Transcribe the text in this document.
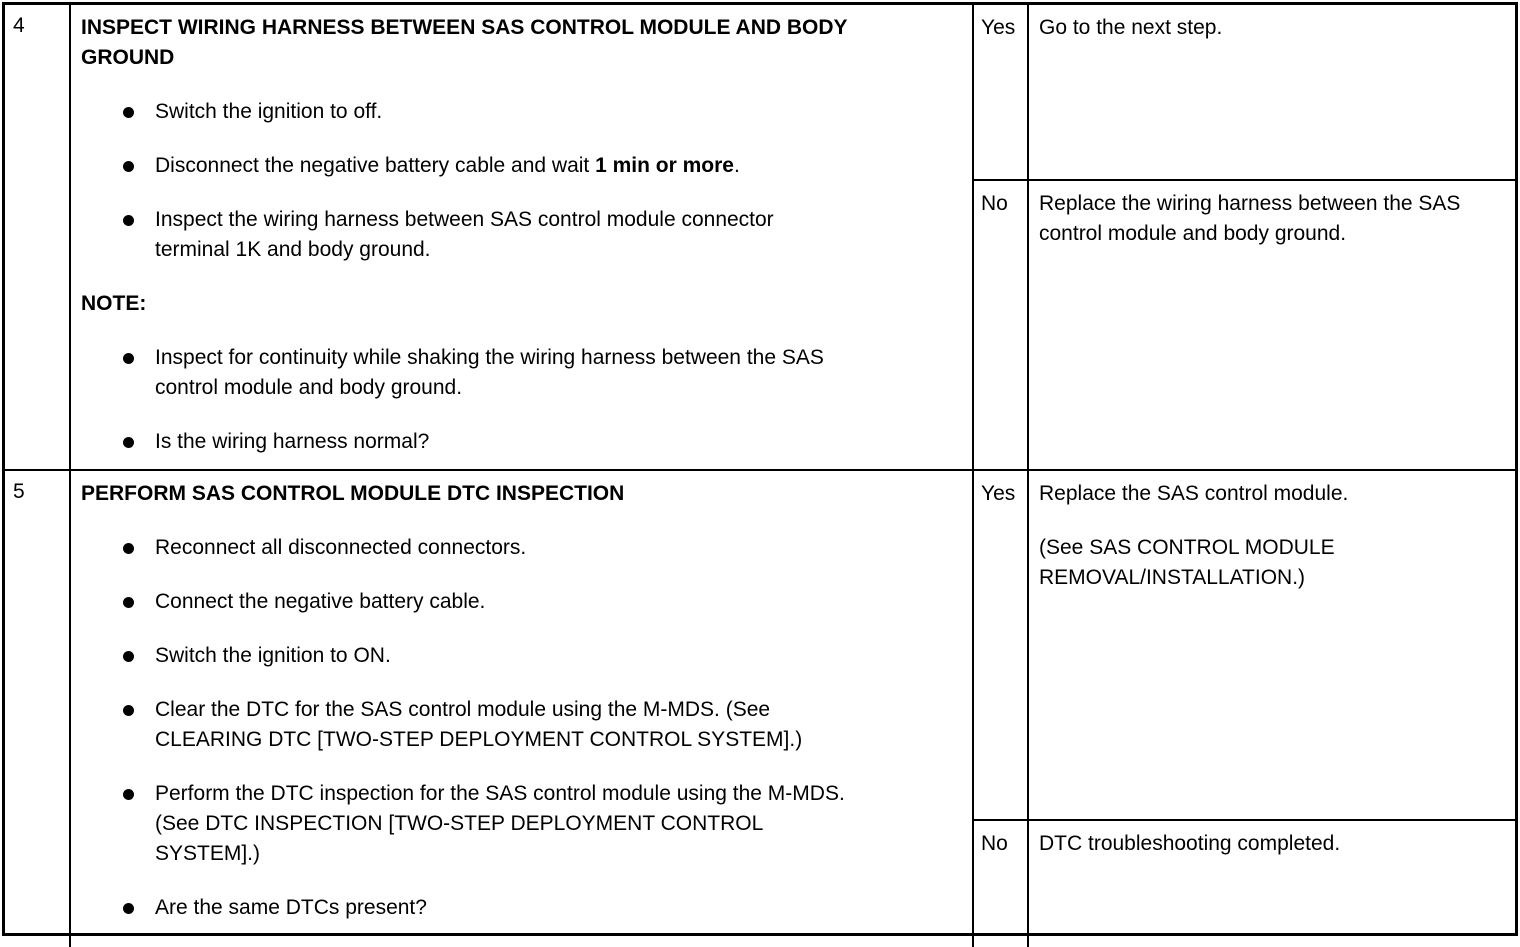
4	INSPECT WIRING HARNESS BETWEEN SAS CONTROL MODULE AND BODY GROUND
Switch the ignition to off.
Disconnect the negative battery cable and wait 1 min or more.
Inspect the wiring harness between SAS control module connector terminal 1K and body ground.
NOTE:
Inspect for continuity while shaking the wiring harness between the SAS control module and body ground.
Is the wiring harness normal?
Yes	Go to the next step.

No	Replace the wiring harness between the SAS control module and body ground.

5	PERFORM SAS CONTROL MODULE DTC INSPECTION
Reconnect all disconnected connectors.
Connect the negative battery cable.
Switch the ignition to ON.
Clear the DTC for the SAS control module using the M-MDS. (See CLEARING DTC [TWO-STEP DEPLOYMENT CONTROL SYSTEM].)
Perform the DTC inspection for the SAS control module using the M-MDS. (See DTC INSPECTION [TWO-STEP DEPLOYMENT CONTROL SYSTEM].)
Are the same DTCs present?
Yes	Replace the SAS control module.

(See SAS CONTROL MODULE REMOVAL/INSTALLATION.)

No	DTC troubleshooting completed.
